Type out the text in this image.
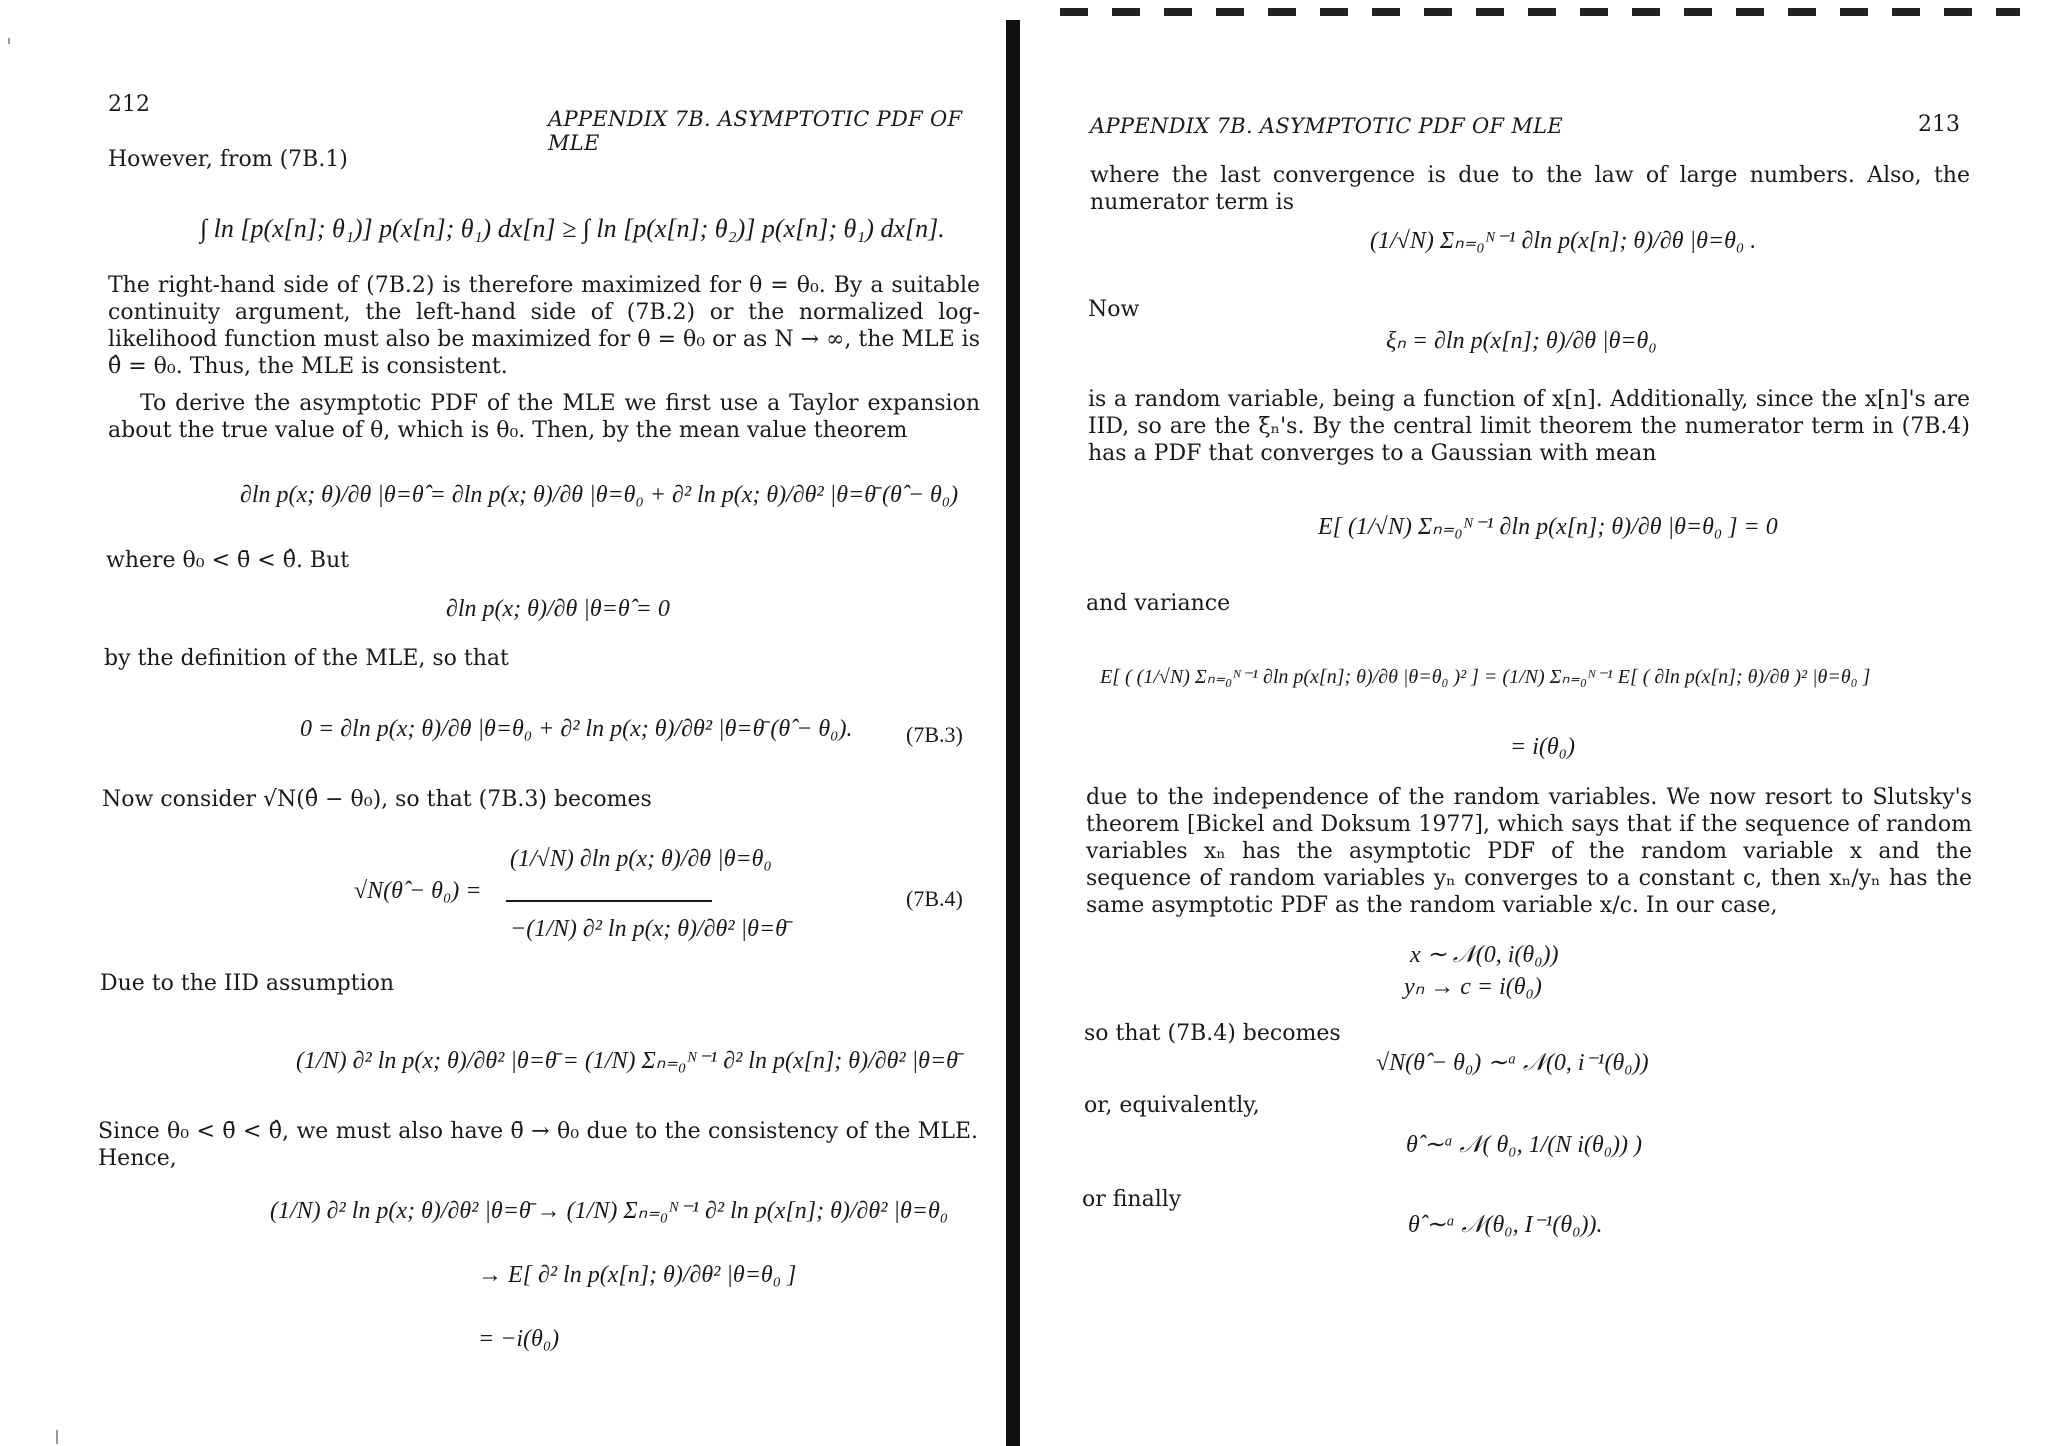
212
APPENDIX 7B. ASYMPTOTIC PDF OF MLE
However, from (7B.1)
∫ ln [p(x[n]; θ₁)] p(x[n]; θ₁) dx[n] ≥ ∫ ln [p(x[n]; θ₂)] p(x[n]; θ₁) dx[n].
The right-hand side of (7B.2) is therefore maximized for θ = θ₀. By a suitable continuity argument, the left-hand side of (7B.2) or the normalized log-likelihood function must also be maximized for θ = θ₀ or as N → ∞, the MLE is θ̂ = θ₀. Thus, the MLE is consistent.
To derive the asymptotic PDF of the MLE we first use a Taylor expansion about the true value of θ, which is θ₀. Then, by the mean value theorem
∂ln p(x; θ)/∂θ |θ=θ̂ = ∂ln p(x; θ)/∂θ |θ=θ₀ + ∂² ln p(x; θ)/∂θ² |θ=θ̄ (θ̂ − θ₀)
where θ₀ < θ̄ < θ̂. But
∂ln p(x; θ)/∂θ |θ=θ̂ = 0
by the definition of the MLE, so that
0 = ∂ln p(x; θ)/∂θ |θ=θ₀ + ∂² ln p(x; θ)/∂θ² |θ=θ̄ (θ̂ − θ₀). (7B.3)
Now consider √N(θ̂ − θ₀), so that (7B.3) becomes
√N(θ̂ − θ₀) =
(1/√N) ∂ln p(x; θ)/∂θ |θ=θ₀
−(1/N) ∂² ln p(x; θ)/∂θ² |θ=θ̄
(7B.4)
Due to the IID assumption
(1/N) ∂² ln p(x; θ)/∂θ² |θ=θ̄ = (1/N) Σₙ₌₀ᴺ⁻¹ ∂² ln p(x[n]; θ)/∂θ² |θ=θ̄
Since θ₀ < θ̄ < θ̂, we must also have θ̄ → θ₀ due to the consistency of the MLE. Hence,
(1/N) ∂² ln p(x; θ)/∂θ² |θ=θ̄ → (1/N) Σₙ₌₀ᴺ⁻¹ ∂² ln p(x[n]; θ)/∂θ² |θ=θ₀
→ E[ ∂² ln p(x[n]; θ)/∂θ² |θ=θ₀ ]
= −i(θ₀)
APPENDIX 7B. ASYMPTOTIC PDF OF MLE	213
where the last convergence is due to the law of large numbers. Also, the numerator term is
(1/√N) Σₙ₌₀ᴺ⁻¹ ∂ln p(x[n]; θ)/∂θ |θ=θ₀ .
Now
ξₙ = ∂ln p(x[n]; θ)/∂θ |θ=θ₀
is a random variable, being a function of x[n]. Additionally, since the x[n]'s are IID, so are the ξₙ's. By the central limit theorem the numerator term in (7B.4) has a PDF that converges to a Gaussian with mean
E[ (1/√N) Σₙ₌₀ᴺ⁻¹ ∂ln p(x[n]; θ)/∂θ |θ=θ₀ ] = 0
and variance
E[ ( (1/√N) Σₙ₌₀ᴺ⁻¹ ∂ln p(x[n]; θ)/∂θ |θ=θ₀ )² ] = (1/N) Σₙ₌₀ᴺ⁻¹ E[ ( ∂ln p(x[n]; θ)/∂θ )² |θ=θ₀ ]
= i(θ₀)
due to the independence of the random variables. We now resort to Slutsky's theorem [Bickel and Doksum 1977], which says that if the sequence of random variables xₙ has the asymptotic PDF of the random variable x and the sequence of random variables yₙ converges to a constant c, then xₙ/yₙ has the same asymptotic PDF as the random variable x/c. In our case,
x ∼ 𝒩(0, i(θ₀))
yₙ → c = i(θ₀)
so that (7B.4) becomes
√N(θ̂ − θ₀) ∼ᵃ 𝒩(0, i⁻¹(θ₀))
or, equivalently,
θ̂ ∼ᵃ 𝒩( θ₀, 1/(N i(θ₀)) )
or finally
θ̂ ∼ᵃ 𝒩(θ₀, I⁻¹(θ₀)).
